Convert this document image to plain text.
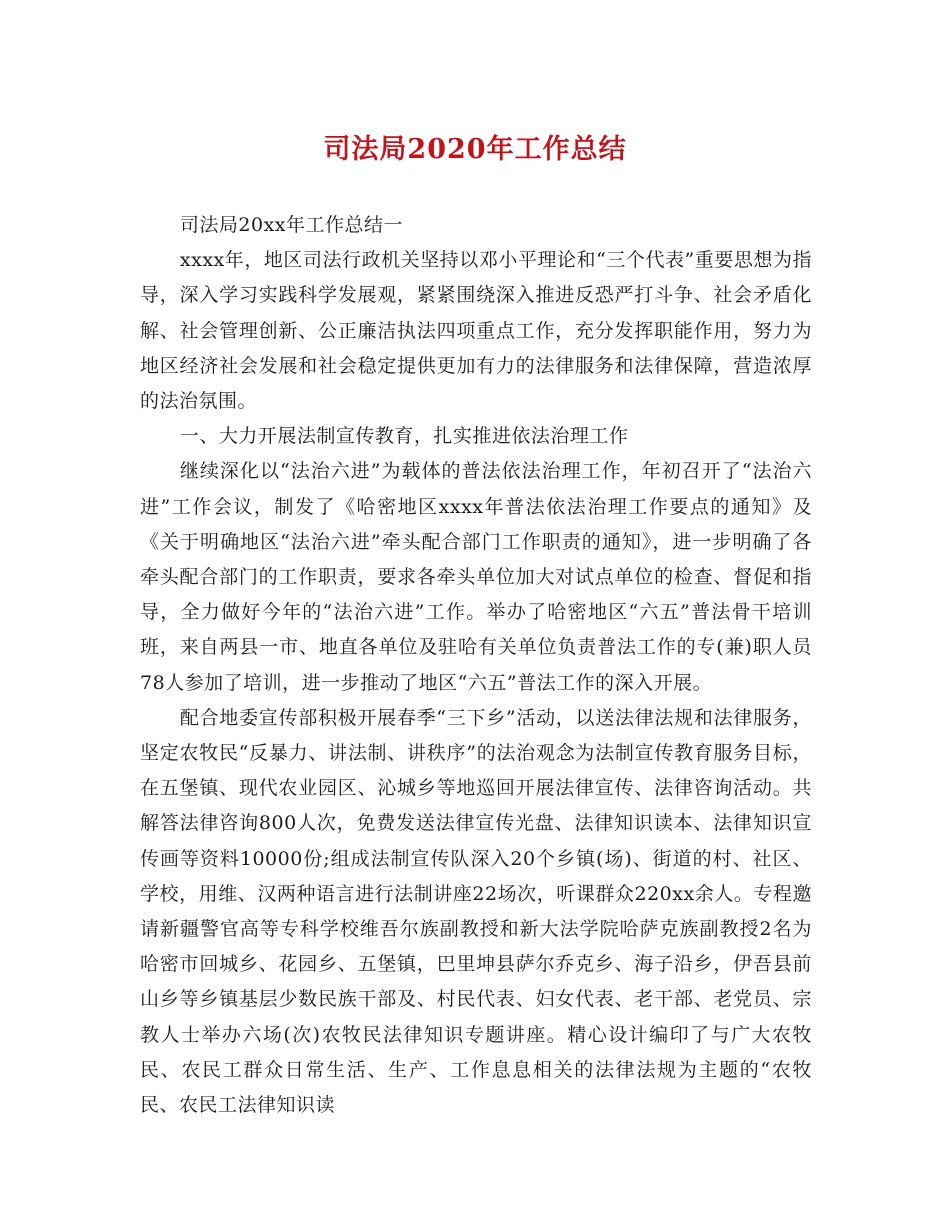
司法局2020年工作总结

司法局20xx年工作总结一

xxxx年，地区司法行政机关坚持以邓小平理论和“三个代表”重要思想为指导，深入学习实践科学发展观，紧紧围绕深入推进反恐严打斗争、社会矛盾化解、社会管理创新、公正廉洁执法四项重点工作，充分发挥职能作用，努力为地区经济社会发展和社会稳定提供更加有力的法律服务和法律保障，营造浓厚的法治氛围。

一、大力开展法制宣传教育，扎实推进依法治理工作

继续深化以“法治六进”为载体的普法依法治理工作，年初召开了“法治六进”工作会议，制发了《哈密地区xxxx年普法依法治理工作要点的通知》及《关于明确地区“法治六进”牵头配合部门工作职责的通知》，进一步明确了各牵头配合部门的工作职责，要求各牵头单位加大对试点单位的检查、督促和指导，全力做好今年的“法治六进”工作。举办了哈密地区“六五”普法骨干培训班，来自两县一市、地直各单位及驻哈有关单位负责普法工作的专(兼)职人员78人参加了培训，进一步推动了地区“六五”普法工作的深入开展。

配合地委宣传部积极开展春季“三下乡”活动，以送法律法规和法律服务，坚定农牧民“反暴力、讲法制、讲秩序”的法治观念为法制宣传教育服务目标，在五堡镇、现代农业园区、沁城乡等地巡回开展法律宣传、法律咨询活动。共解答法律咨询800人次，免费发送法律宣传光盘、法律知识读本、法律知识宣传画等资料10000份;组成法制宣传队深入20个乡镇(场)、街道的村、社区、学校，用维、汉两种语言进行法制讲座22场次，听课群众220xx余人。专程邀请新疆警官高等专科学校维吾尔族副教授和新大法学院哈萨克族副教授2名为哈密市回城乡、花园乡、五堡镇，巴里坤县萨尔乔克乡、海子沿乡，伊吾县前山乡等乡镇基层少数民族干部及、村民代表、妇女代表、老干部、老党员、宗教人士举办六场(次)农牧民法律知识专题讲座。精心设计编印了与广大农牧民、农民工群众日常生活、生产、工作息息相关的法律法规为主题的“农牧民、农民工法律知识读
